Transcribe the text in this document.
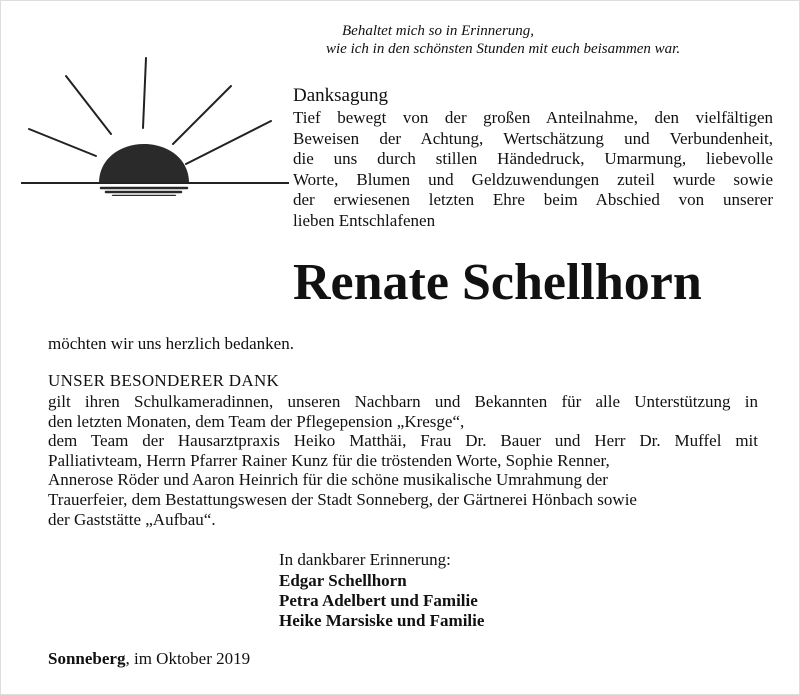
Behaltet mich so in Erinnerung,
wie ich in den schönsten Stunden mit euch beisammen war.
Danksagung
Tief bewegt von der großen Anteilnahme, den vielfältigen
Beweisen der Achtung, Wertschätzung und Verbundenheit,
die uns durch stillen Händedruck, Umarmung, liebevolle
Worte, Blumen und Geldzuwendungen zuteil wurde sowie
der erwiesenen letzten Ehre beim Abschied von unserer
lieben Entschlafenen
Renate Schellhorn
möchten wir uns herzlich bedanken.
UNSER BESONDERER DANK
gilt ihren Schulkameradinnen, unseren Nachbarn und Bekannten für alle Unterstützung in
den letzten Monaten, dem Team der Pflegepension „Kresge“,
dem Team der Hausarztpraxis Heiko Matthäi, Frau Dr. Bauer und Herr Dr. Muffel mit
Palliativteam, Herrn Pfarrer Rainer Kunz für die tröstenden Worte, Sophie Renner,
Annerose Röder und Aaron Heinrich für die schöne musikalische Umrahmung der
Trauerfeier, dem Bestattungswesen der Stadt Sonneberg, der Gärtnerei Hönbach sowie
der Gaststätte „Aufbau“.
In dankbarer Erinnerung:
Edgar Schellhorn
Petra Adelbert und Familie
Heike Marsiske und Familie
Sonneberg, im Oktober 2019
